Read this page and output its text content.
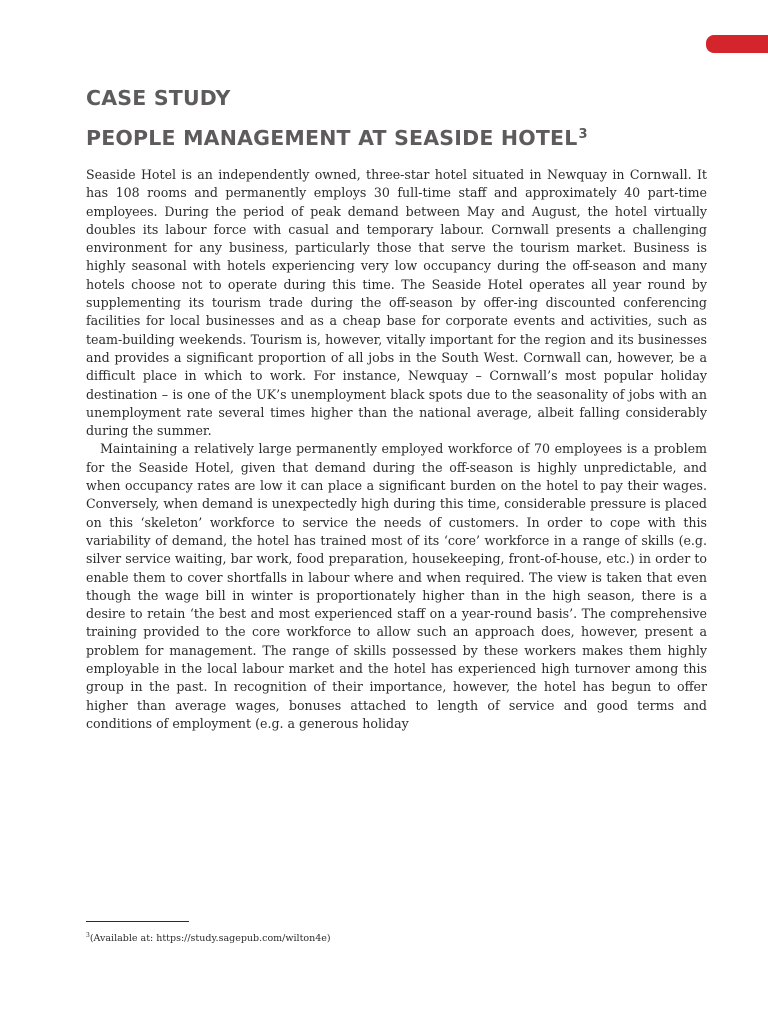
CASE STUDY
PEOPLE MANAGEMENT AT SEASIDE HOTEL$^3$

Seaside Hotel is an independently owned, three-star hotel situated in Newquay in Cornwall. It has 108 rooms and permanently employs 30 full-time staff and approximately 40 part-time employees. During the period of peak demand between May and August, the hotel virtually doubles its labour force with casual and temporary labour. Cornwall presents a challenging environment for any business, particularly those that serve the tourism market. Business is highly seasonal with hotels experiencing very low occupancy during the off-season and many hotels choose not to operate during this time. The Seaside Hotel operates all year round by supplementing its tourism trade during the off-season by offer-ing discounted conferencing facilities for local businesses and as a cheap base for corporate events and activities, such as team-building weekends. Tourism is, however, vitally important for the region and its businesses and provides a significant proportion of all jobs in the South West. Cornwall can, however, be a difficult place in which to work. For instance, Newquay – Cornwall’s most popular holiday destination – is one of the UK’s unemployment black spots due to the seasonality of jobs with an unemployment rate several times higher than the national average, albeit falling considerably during the summer.

Maintaining a relatively large permanently employed workforce of 70 employees is a problem for the Seaside Hotel, given that demand during the off-season is highly unpredictable, and when occupancy rates are low it can place a significant burden on the hotel to pay their wages. Conversely, when demand is unexpectedly high during this time, considerable pressure is placed on this ‘skeleton’ workforce to service the needs of customers. In order to cope with this variability of demand, the hotel has trained most of its ‘core’ workforce in a range of skills (e.g. silver service waiting, bar work, food preparation, housekeeping, front-of-house, etc.) in order to enable them to cover shortfalls in labour where and when required. The view is taken that even though the wage bill in winter is proportionately higher than in the high season, there is a desire to retain ‘the best and most experienced staff on a year-round basis’. The comprehensive training provided to the core workforce to allow such an approach does, however, present a problem for management. The range of skills possessed by these workers makes them highly employable in the local labour market and the hotel has experienced high turnover among this group in the past. In recognition of their importance, however, the hotel has begun to offer higher than average wages, bonuses attached to length of service and good terms and conditions of employment (e.g. a generous holiday

$^3$(Available at: https://study.sagepub.com/wilton4e)
